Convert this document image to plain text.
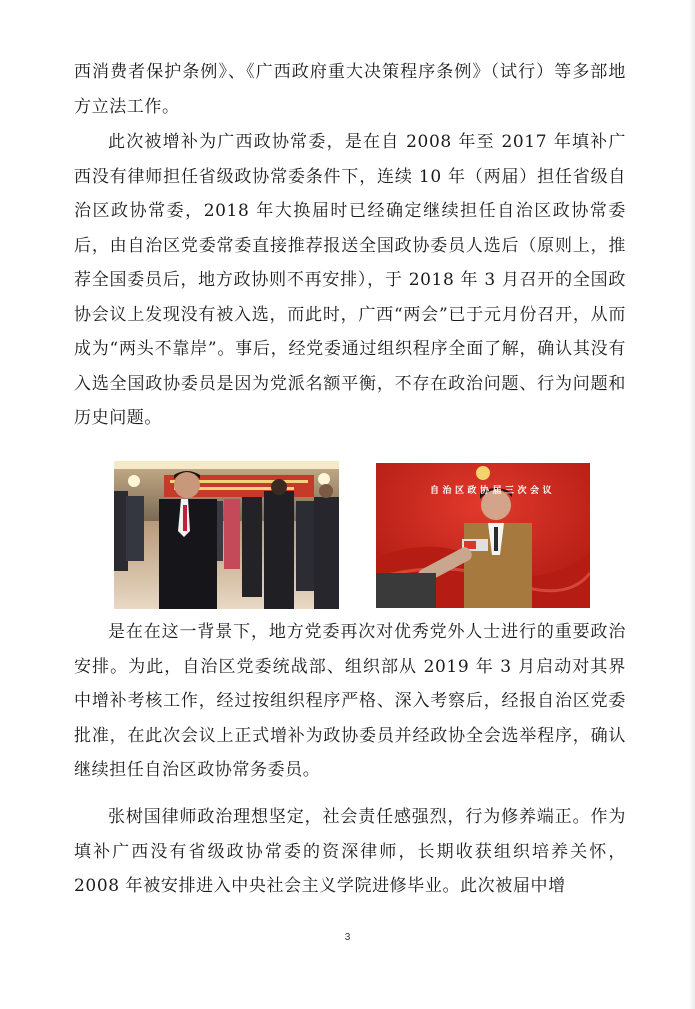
西消费者保护条例》、《广西政府重大决策程序条例》（试行）等多部地方立法工作。

此次被增补为广西政协常委，是在自 2008 年至 2017 年填补广西没有律师担任省级政协常委条件下，连续 10 年（两届）担任省级自治区政协常委，2018 年大换届时已经确定继续担任自治区政协常委后，由自治区党委常委直接推荐报送全国政协委员人选后（原则上，推荐全国委员后，地方政协则不再安排），于 2018 年 3 月召开的全国政协会议上发现没有被入选，而此时，广西“两会”已于元月份召开，从而成为“两头不靠岸”。事后，经党委通过组织程序全面了解，确认其没有入选全国政协委员是因为党派名额平衡，不存在政治问题、行为问题和历史问题。

自 治 区 政 协 届 三 次 会 议

是在在这一背景下，地方党委再次对优秀党外人士进行的重要政治安排。为此，自治区党委统战部、组织部从 2019 年 3 月启动对其界中增补考核工作，经过按组织程序严格、深入考察后，经报自治区党委批准，在此次会议上正式增补为政协委员并经政协全会选举程序，确认继续担任自治区政协常务委员。

张树国律师政治理想坚定，社会责任感强烈，行为修养端正。作为填补广西没有省级政协常委的资深律师，长期收获组织培养关怀，2008 年被安排进入中央社会主义学院进修毕业。此次被届中增

3
